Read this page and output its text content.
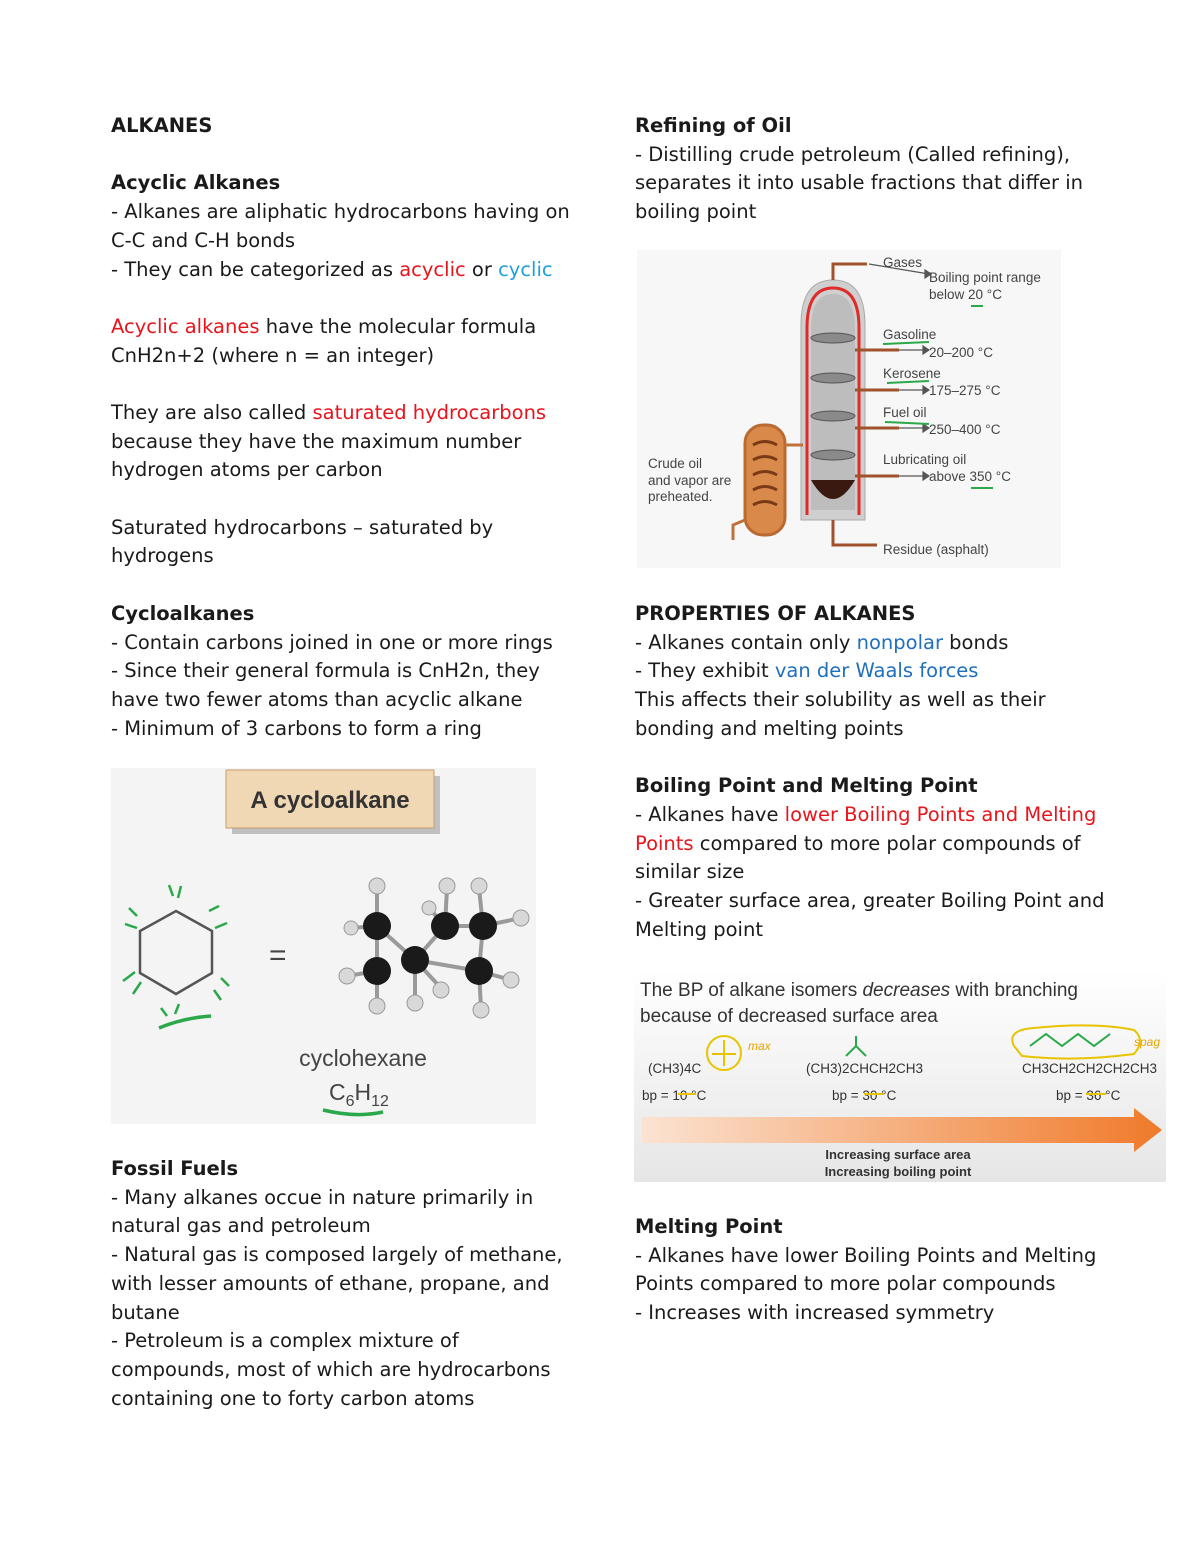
ALKANES

Acyclic Alkanes

- Alkanes are aliphatic hydrocarbons having on C-C and C-H bonds

- They can be categorized as acyclic or cyclic

Acyclic alkanes have the molecular formula CnH2n+2 (where n = an integer)

They are also called saturated hydrocarbons because they have the maximum number hydrogen atoms per carbon

Saturated hydrocarbons – saturated by hydrogens

Cycloalkanes

- Contain carbons joined in one or more rings

- Since their general formula is CnH2n, they have two fewer atoms than acyclic alkane

- Minimum of 3 carbons to form a ring

A cycloalkane
=
cyclohexane
$C_6H_{12}$

Fossil Fuels

- Many alkanes occue in nature primarily in natural gas and petroleum

- Natural gas is composed largely of methane, with lesser amounts of ethane, propane, and butane

- Petroleum is a complex mixture of compounds, most of which are hydrocarbons containing one to forty carbon atoms

Refining of Oil

- Distilling crude petroleum (Called refining), separates it into usable fractions that differ in boiling point

Gases
Boiling point range
below 20 °C
Gasoline
20–200 °C
Kerosene
175–275 °C
Fuel oil
250–400 °C
Lubricating oil
above 350 °C
Crude oil
and vapor are
preheated.
Residue (asphalt)

PROPERTIES OF ALKANES

- Alkanes contain only nonpolar bonds

- They exhibit van der Waals forces

This affects their solubility as well as their bonding and melting points

Boiling Point and Melting Point

- Alkanes have lower Boiling Points and Melting Points compared to more polar compounds of similar size

- Greater surface area, greater Boiling Point and Melting point

The BP of alkane isomers decreases with branching
because of decreased surface area
(CH3)4C
bp = 10 °C
(CH3)2CHCH2CH3
bp = 30 °C
CH3CH2CH2CH2CH3
bp = 36 °C
Increasing surface area
Increasing boiling point
max	spag

Melting Point

- Alkanes have lower Boiling Points and Melting Points compared to more polar compounds

- Increases with increased symmetry
